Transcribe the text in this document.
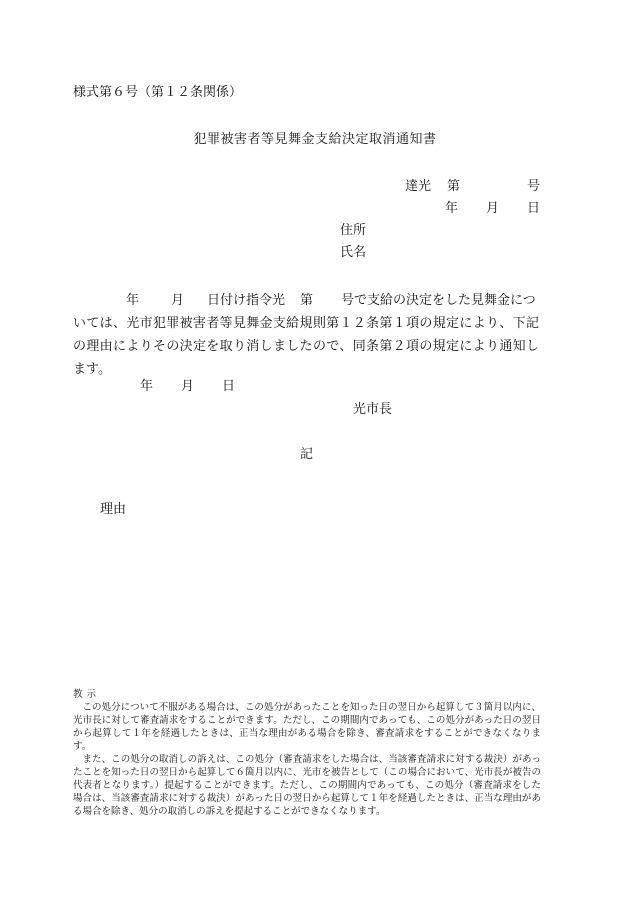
様式第６号（第１２条関係）
犯罪被害者等見舞金支給決定取消通知書
達光 第	号
年 月 日
住所
氏名
年 月 日付け指令光 第 号で支給の決定をした見舞金につ
いては、光市犯罪被害者等見舞金支給規則第１２条第１項の規定により、下記
の理由によりその決定を取り消しましたので、同条第２項の規定により通知し
ます。
年 月 日
光市長
記
理由
教示
この処分について不服がある場合は、この処分があったことを知った日の翌日から起算して３箇月以内に、光市長に対して審査請求をすることができます。ただし、この期間内であっても、この処分があった日の翌日から起算して１年を経過したときは、正当な理由がある場合を除き、審査請求をすることができなくなります。
また、この処分の取消しの訴えは、この処分（審査請求をした場合は、当該審査請求に対する裁決）があったことを知った日の翌日から起算して６箇月以内に、光市を被告として（この場合において、光市長が被告の代表者となります。）提起することができます。ただし、この期間内であっても、この処分（審査請求をした場合は、当該審査請求に対する裁決）があった日の翌日から起算して１年を経過したときは、正当な理由がある場合を除き、処分の取消しの訴えを提起することができなくなります。
